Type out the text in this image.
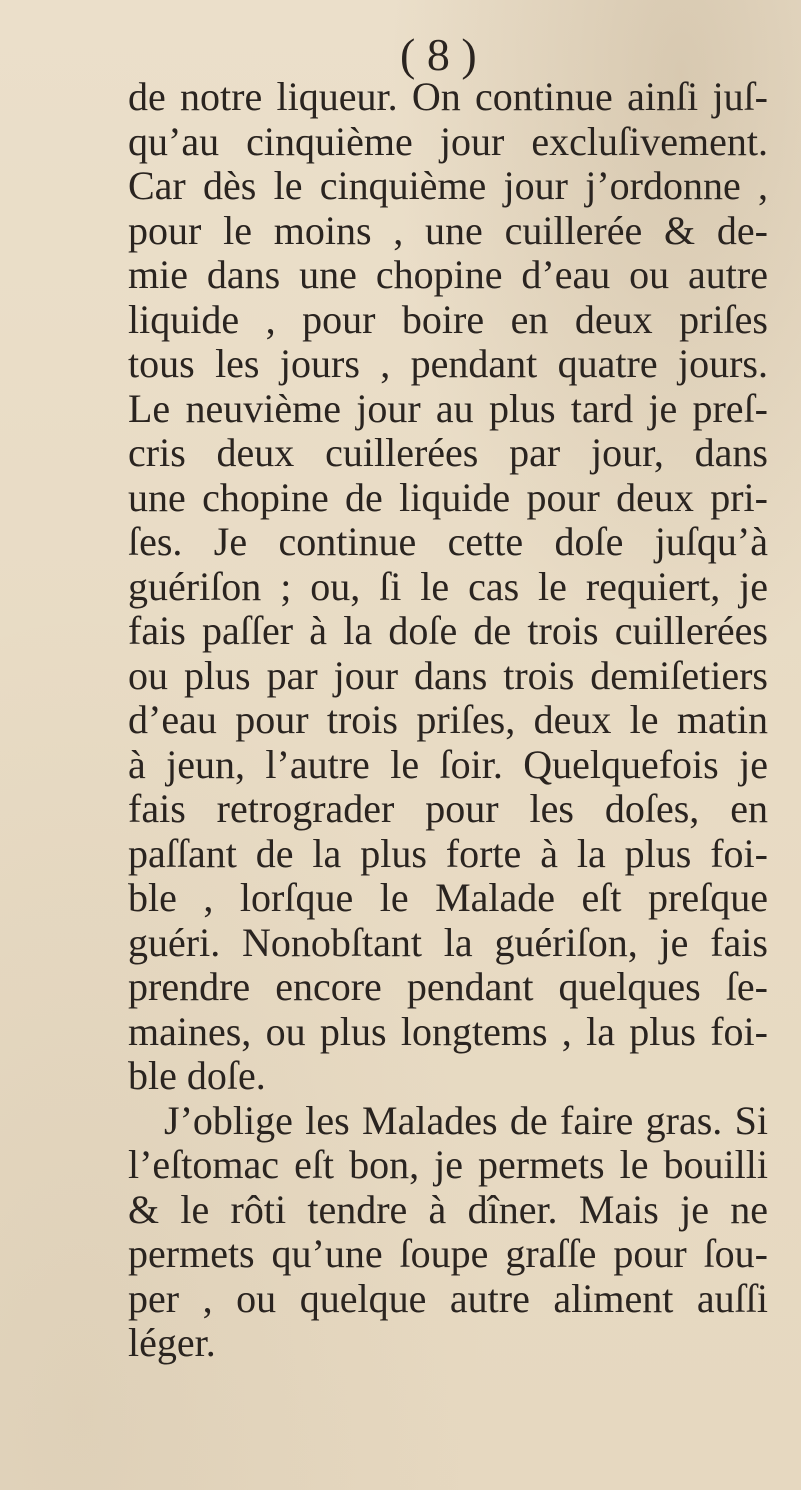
( 8 )
de notre liqueur. On continue ainſi juſ-
qu’au cinquième jour excluſivement.
Car dès le cinquième jour j’ordonne ,
pour le moins , une cuillerée & de-
mie dans une chopine d’eau ou autre
liquide , pour boire en deux priſes
tous les jours , pendant quatre jours.
Le neuvième jour au plus tard je preſ-
cris deux cuillerées par jour, dans
une chopine de liquide pour deux pri-
ſes. Je continue cette doſe juſqu’à
guériſon ; ou, ſi le cas le requiert, je
fais paſſer à la doſe de trois cuillerées
ou plus par jour dans trois demiſetiers
d’eau pour trois priſes, deux le matin
à jeun, l’autre le ſoir. Quelquefois je
fais retrograder pour les doſes, en
paſſant de la plus forte à la plus foi-
ble , lorſque le Malade eſt preſque
guéri. Nonobſtant la guériſon, je fais
prendre encore pendant quelques ſe-
maines, ou plus longtems , la plus foi-
ble doſe.
J’oblige les Malades de faire gras. Si
l’eſtomac eſt bon, je permets le bouilli
& le rôti tendre à dîner. Mais je ne
permets qu’une ſoupe graſſe pour ſou-
per , ou quelque autre aliment auſſi
léger.
